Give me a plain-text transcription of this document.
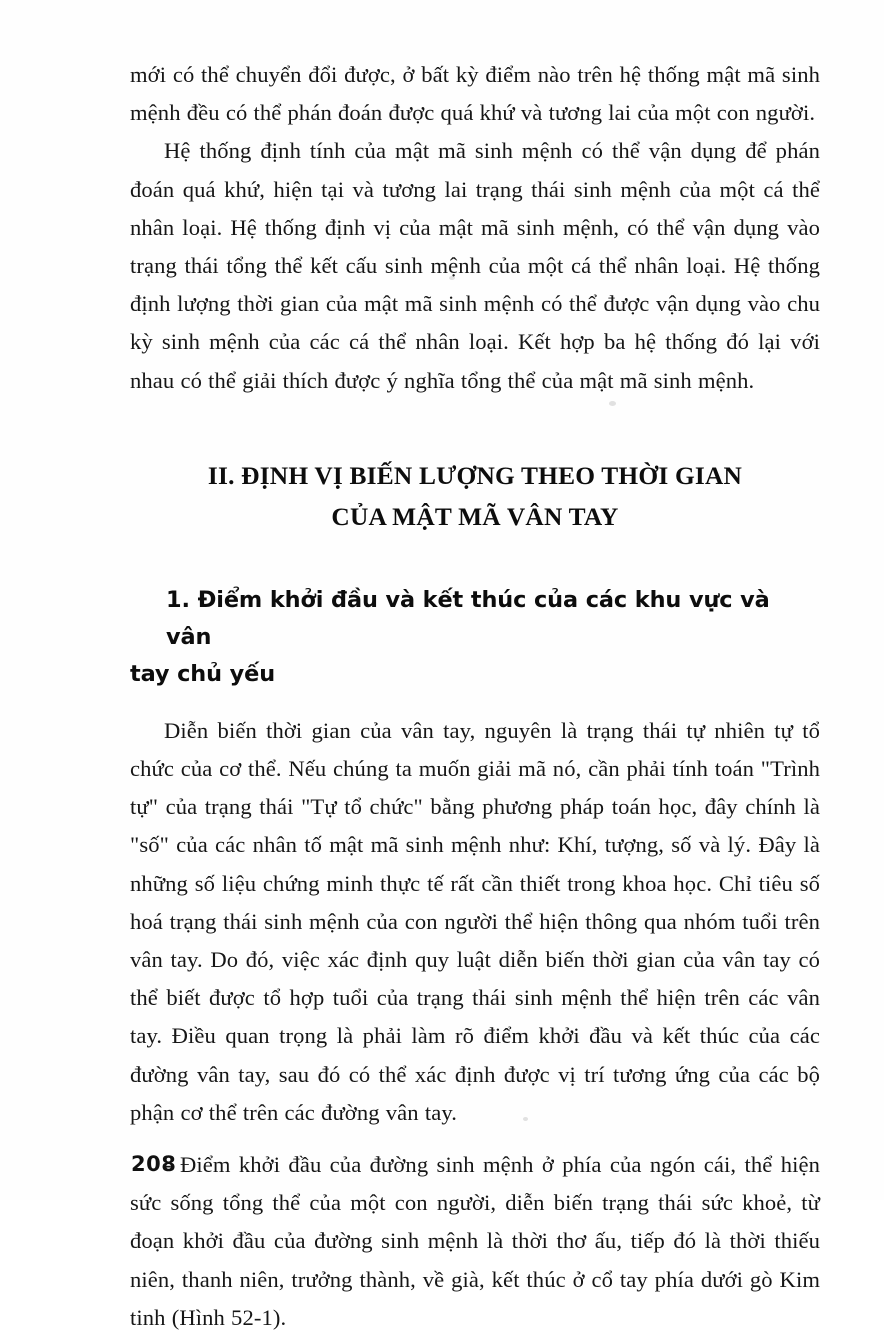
mới có thể chuyển đổi được, ở bất kỳ điểm nào trên hệ thống mật mã sinh mệnh đều có thể phán đoán được quá khứ và tương lai của một con người.

Hệ thống định tính của mật mã sinh mệnh có thể vận dụng để phán đoán quá khứ, hiện tại và tương lai trạng thái sinh mệnh của một cá thể nhân loại. Hệ thống định vị của mật mã sinh mệnh, có thể vận dụng vào trạng thái tổng thể kết cấu sinh mệnh của một cá thể nhân loại. Hệ thống định lượng thời gian của mật mã sinh mệnh có thể được vận dụng vào chu kỳ sinh mệnh của các cá thể nhân loại. Kết hợp ba hệ thống đó lại với nhau có thể giải thích được ý nghĩa tổng thể của mật mã sinh mệnh.

II. ĐỊNH VỊ BIẾN LƯỢNG THEO THỜI GIAN
CỦA MẬT MÃ VÂN TAY
1. Điểm khởi đầu và kết thúc của các khu vực và vân
tay chủ yếu

Diễn biến thời gian của vân tay, nguyên là trạng thái tự nhiên tự tổ chức của cơ thể. Nếu chúng ta muốn giải mã nó, cần phải tính toán "Trình tự" của trạng thái "Tự tổ chức" bằng phương pháp toán học, đây chính là "số" của các nhân tố mật mã sinh mệnh như: Khí, tượng, số và lý. Đây là những số liệu chứng minh thực tế rất cần thiết trong khoa học. Chỉ tiêu số hoá trạng thái sinh mệnh của con người thể hiện thông qua nhóm tuổi trên vân tay. Do đó, việc xác định quy luật diễn biến thời gian của vân tay có thể biết được tổ hợp tuổi của trạng thái sinh mệnh thể hiện trên các vân tay. Điều quan trọng là phải làm rõ điểm khởi đầu và kết thúc của các đường vân tay, sau đó có thể xác định được vị trí tương ứng của các bộ phận cơ thể trên các đường vân tay.

- Điểm khởi đầu của đường sinh mệnh ở phía của ngón cái, thể hiện sức sống tổng thể của một con người, diễn biến trạng thái sức khoẻ, từ đoạn khởi đầu của đường sinh mệnh là thời thơ ấu, tiếp đó là thời thiếu niên, thanh niên, trưởng thành, về già, kết thúc ở cổ tay phía dưới gò Kim tinh (Hình 52-1).

208
